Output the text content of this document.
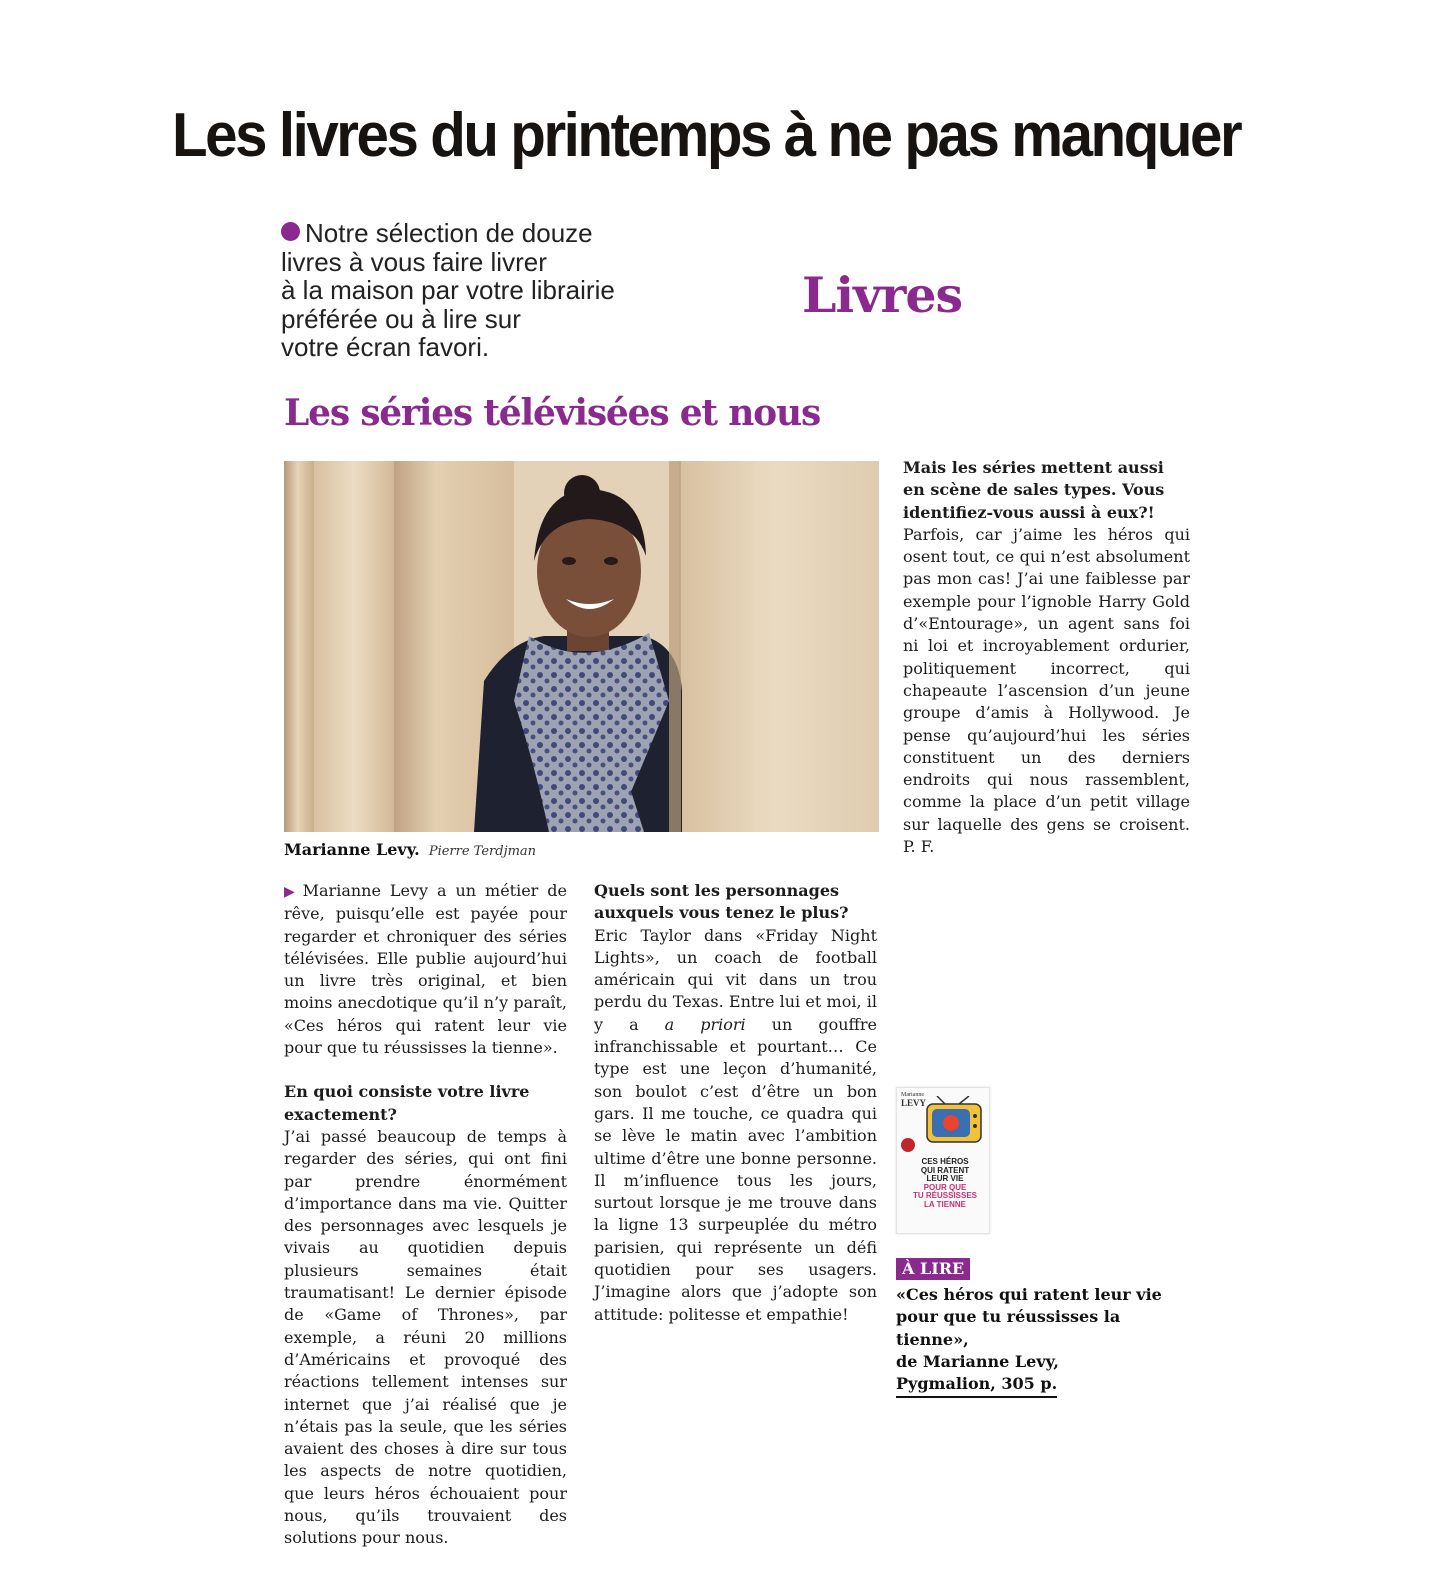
Les livres du printemps à ne pas manquer
Notre sélection de douze
livres à vous faire livrer
à la maison par votre librairie
préférée ou à lire sur
votre écran favori.
Livres
Les séries télévisées et nous
Marianne Levy. Pierre Terdjman

▶ Marianne Levy a un métier de rêve, puisqu’elle est payée pour regarder et chroniquer des séries télévisées. Elle publie aujourd’hui un livre très original, et bien moins anecdotique qu’il n’y paraît, «Ces héros qui ratent leur vie pour que tu réussisses la tienne».

En quoi consiste votre livre exactement?
J’ai passé beaucoup de temps à regarder des séries, qui ont fini par prendre énormément d’importance dans ma vie. Quitter des personnages avec lesquels je vivais au quotidien depuis plusieurs semaines était traumatisant! Le dernier épisode de «Game of Thrones», par exemple, a réuni 20 millions d’Américains et provoqué des réactions tellement intenses sur internet que j’ai réalisé que je n’étais pas la seule, que les séries avaient des choses à dire sur tous les aspects de notre quotidien, que leurs héros échouaient pour nous, qu’ils trouvaient des solutions pour nous.

Quels sont les personnages auxquels vous tenez le plus?
Eric Taylor dans «Friday Night Lights», un coach de football américain qui vit dans un trou perdu du Texas. Entre lui et moi, il y a a priori un gouffre infranchissable et pourtant… Ce type est une leçon d’humanité, son boulot c’est d’être un bon gars. Il me touche, ce quadra qui se lève le matin avec l’ambition ultime d’être une bonne personne. Il m’influence tous les jours, surtout lorsque je me trouve dans la ligne 13 surpeuplée du métro parisien, qui représente un défi quotidien pour ses usagers. J’imagine alors que j’adopte son attitude: politesse et empathie!

Mais les séries mettent aussi en scène de sales types. Vous identifiez-vous aussi à eux?!
Parfois, car j’aime les héros qui osent tout, ce qui n’est absolument pas mon cas! J’ai une faiblesse par exemple pour l’ignoble Harry Gold d’«Entourage», un agent sans foi ni loi et incroyablement ordurier, politiquement incorrect, qui chapeaute l’ascension d’un jeune groupe d’amis à Hollywood. Je pense qu’aujourd’hui les séries constituent un des derniers endroits qui nous rassemblent, comme la place d’un petit village sur laquelle des gens se croisent. P. F.

Marianne
LEVY
CES HÉROS
QUI RATENT
LEUR VIE
POUR QUE
TU RÉUSSISSES
LA TIENNE
À LIRE
«Ces héros qui ratent leur vie pour que tu réussisses la tienne»,
de Marianne Levy,
Pygmalion, 305 p.
